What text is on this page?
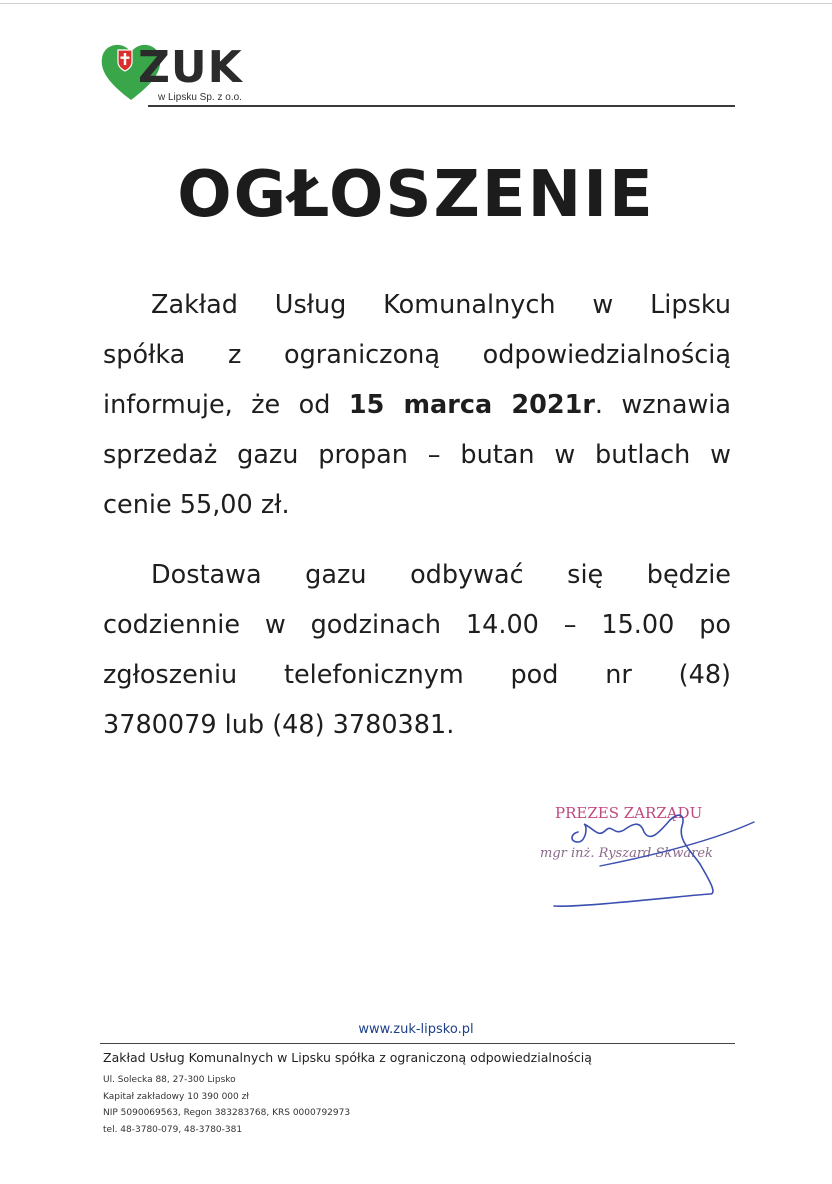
ZUK
w Lipsku Sp. z o.o.
OGŁOSZENIE
Zakład Usług Komunalnych w Lipsku
spółka z ograniczoną odpowiedzialnością
informuje, że od 15 marca 2021r. wznawia
sprzedaż gazu propan – butan w butlach w
cenie 55,00 zł.
Dostawa gazu odbywać się będzie
codziennie w godzinach 14.00 – 15.00 po
zgłoszeniu telefonicznym pod nr (48)
3780079 lub (48) 3780381.
PREZES ZARZĄDU
mgr inż. Ryszard Skwarek
www.zuk-lipsko.pl
Zakład Usług Komunalnych w Lipsku spółka z ograniczoną odpowiedzialnością
Ul. Solecka 88, 27-300 Lipsko
Kapitał zakładowy 10 390 000 zł
NIP 5090069563, Regon 383283768, KRS 0000792973
tel. 48-3780-079, 48-3780-381
